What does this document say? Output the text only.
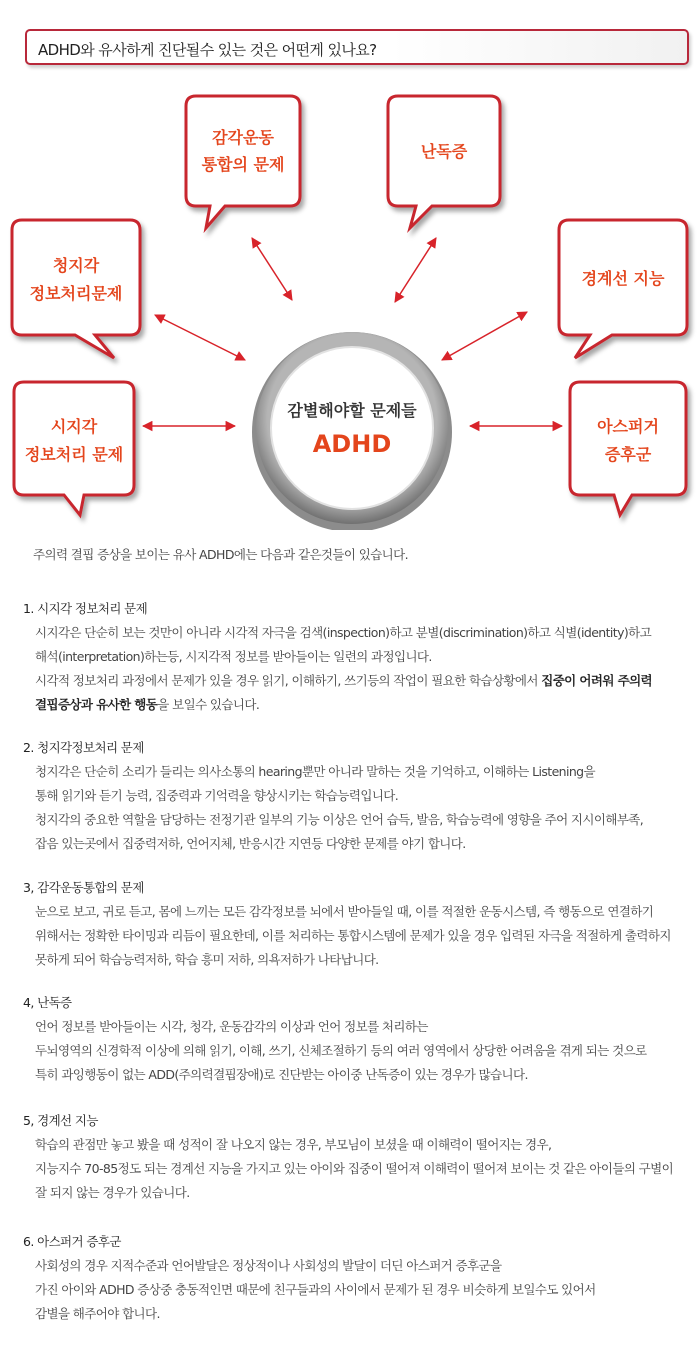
ADHD와 유사하게 진단될수 있는 것은 어떤게 있나요?
감각운동
통합의 문제
난독증
청지각
정보처리문제
경계선 지능
시지각
정보처리 문제
아스퍼거
증후군
감별해야할 문제들
ADHD
주의력 결핍 증상을 보이는 유사 ADHD에는 다음과 같은것들이 있습니다.
1. 시지각 정보처리 문제

시지각은 단순히 보는 것만이 아니라 시각적 자극을 검색(inspection)하고 분별(discrimination)하고 식별(identity)하고

해석(interpretation)하는등, 시지각적 정보를 받아들이는 일련의 과정입니다.

시각적 정보처리 과정에서 문제가 있을 경우 읽기, 이해하기, 쓰기등의 작업이 필요한 학습상황에서 집중이 어려워 주의력

결핍증상과 유사한 행동을 보일수 있습니다.

2. 청지각정보처리 문제

청지각은 단순히 소리가 들리는 의사소통의 hearing뿐만 아니라 말하는 것을 기억하고, 이해하는 Listening을

통해 읽기와 듣기 능력, 집중력과 기억력을 향상시키는 학습능력입니다.

청지각의 중요한 역할을 담당하는 전정기관 일부의 기능 이상은 언어 습득, 발음, 학습능력에 영향을 주어 지시이해부족,

잡음 있는곳에서 집중력저하, 언어지체, 반응시간 지연등 다양한 문제를 야기 합니다.

3, 감각운동통합의 문제

눈으로 보고, 귀로 듣고, 몸에 느끼는 모든 감각정보를 뇌에서 받아들일 때, 이를 적절한 운동시스템, 즉 행동으로 연결하기

위해서는 정확한 타이밍과 리듬이 필요한데, 이를 처리하는 통합시스템에 문제가 있을 경우 입력된 자극을 적절하게 출력하지

못하게 되어 학습능력저하, 학습 흥미 저하, 의욕저하가 나타납니다.

4, 난독증

언어 정보를 받아들이는 시각, 청각, 운동감각의 이상과 언어 정보를 처리하는

두뇌영역의 신경학적 이상에 의해 읽기, 이해, 쓰기, 신체조절하기 등의 여러 영역에서 상당한 어려움을 겪게 되는 것으로

특히 과잉행동이 없는 ADD(주의력결핍장애)로 진단받는 아이중 난독증이 있는 경우가 많습니다.

5, 경계선 지능

학습의 관점만 놓고 봤을 때 성적이 잘 나오지 않는 경우, 부모님이 보셨을 때 이해력이 떨어지는 경우,

지능지수 70-85정도 되는 경계선 지능을 가지고 있는 아이와 집중이 떨어져 이해력이 떨어져 보이는 것 같은 아이들의 구별이

잘 되지 않는 경우가 있습니다.

6. 아스퍼거 증후군

사회성의 경우 지적수준과 언어발달은 정상적이나 사회성의 발달이 더딘 아스퍼거 증후군을

가진 아이와 ADHD 증상중 충동적인면 때문에 친구들과의 사이에서 문제가 된 경우 비슷하게 보일수도 있어서

감별을 해주어야 합니다.
